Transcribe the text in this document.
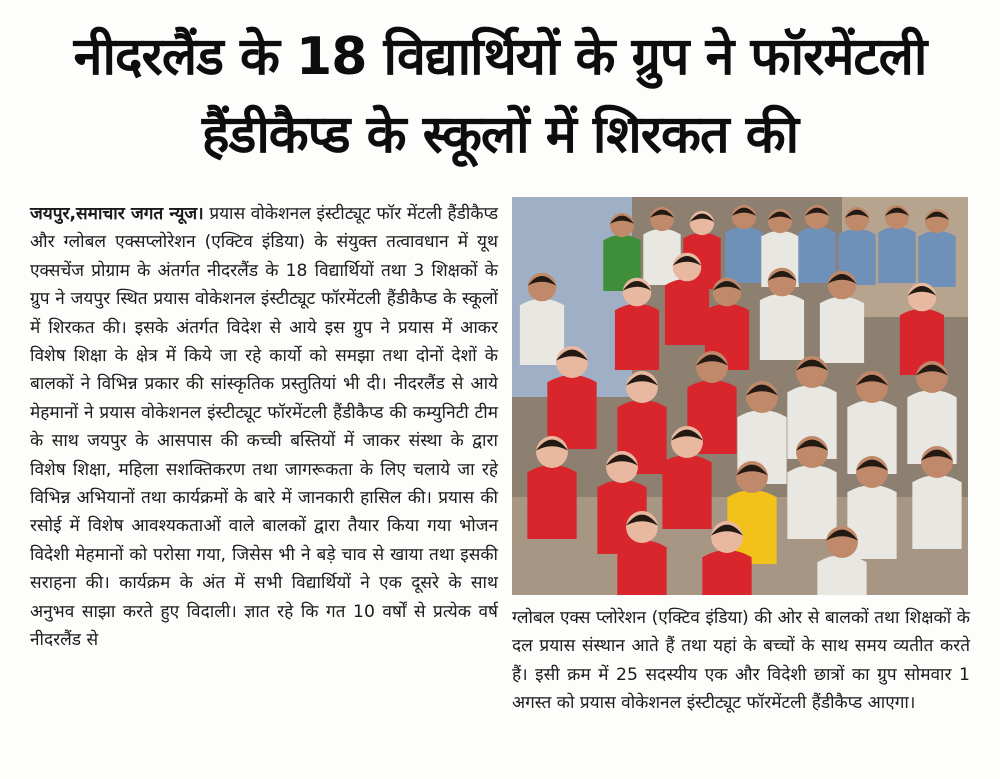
नीदरलैंड के 18 विद्यार्थियों के ग्रुप ने फॉरमेंटली
हैंडीकैप्ड के स्कूलों में शिरकत की
जयपुर,समाचार जगत न्यूज। प्रयास वोकेशनल इंस्टीट्यूट फॉर मेंटली हैंडीकैप्ड और ग्लोबल एक्सप्लोरेशन (एक्टिव इंडिया) के संयुक्त तत्वावधान में यूथ एक्सचेंज प्रोग्राम के अंतर्गत नीदरलैंड के 18 विद्यार्थियों तथा 3 शिक्षकों के ग्रुप ने जयपुर स्थित प्रयास वोकेशनल इंस्टीट्यूट फॉरमेंटली हैंडीकैप्ड के स्कूलों में शिरकत की। इसके अंतर्गत विदेश से आये इस ग्रुप ने प्रयास में आकर विशेष शिक्षा के क्षेत्र में किये जा रहे कार्यो को समझा तथा दोनों देशों के बालकों ने विभिन्न प्रकार की सांस्कृतिक प्रस्तुतियां भी दी। नीदरलैंड से आये मेहमानों ने प्रयास वोकेशनल इंस्टीट्यूट फॉरमेंटली हैंडीकैप्ड की कम्युनिटी टीम के साथ जयपुर के आसपास की कच्ची बस्तियों में जाकर संस्था के द्वारा विशेष शिक्षा, महिला सशक्तिकरण तथा जागरूकता के लिए चलाये जा रहे विभिन्न अभियानों तथा कार्यक्रमों के बारे में जानकारी हासिल की। प्रयास की रसोई में विशेष आवश्यकताओं वाले बालकों द्वारा तैयार किया गया भोजन विदेशी मेहमानों को परोसा गया, जिसेस भी ने बड़े चाव से खाया तथा इसकी सराहना की। कार्यक्रम के अंत में सभी विद्यार्थियों ने एक दूसरे के साथ अनुभव साझा करते हुए विदाली। ज्ञात रहे कि गत 10 वर्षों से प्रत्येक वर्ष नीदरलैंड से
ग्लोबल एक्स प्लोरेशन (एक्टिव इंडिया) की ओर से बालकों तथा शिक्षकों के दल प्रयास संस्थान आते हैं तथा यहां के बच्चों के साथ समय व्यतीत करते हैं। इसी क्रम में 25 सदस्यीय एक और विदेशी छात्रों का ग्रुप सोमवार 1 अगस्त को प्रयास वोकेशनल इंस्टीट्यूट फॉरमेंटली हैंडीकैप्ड आएगा।
